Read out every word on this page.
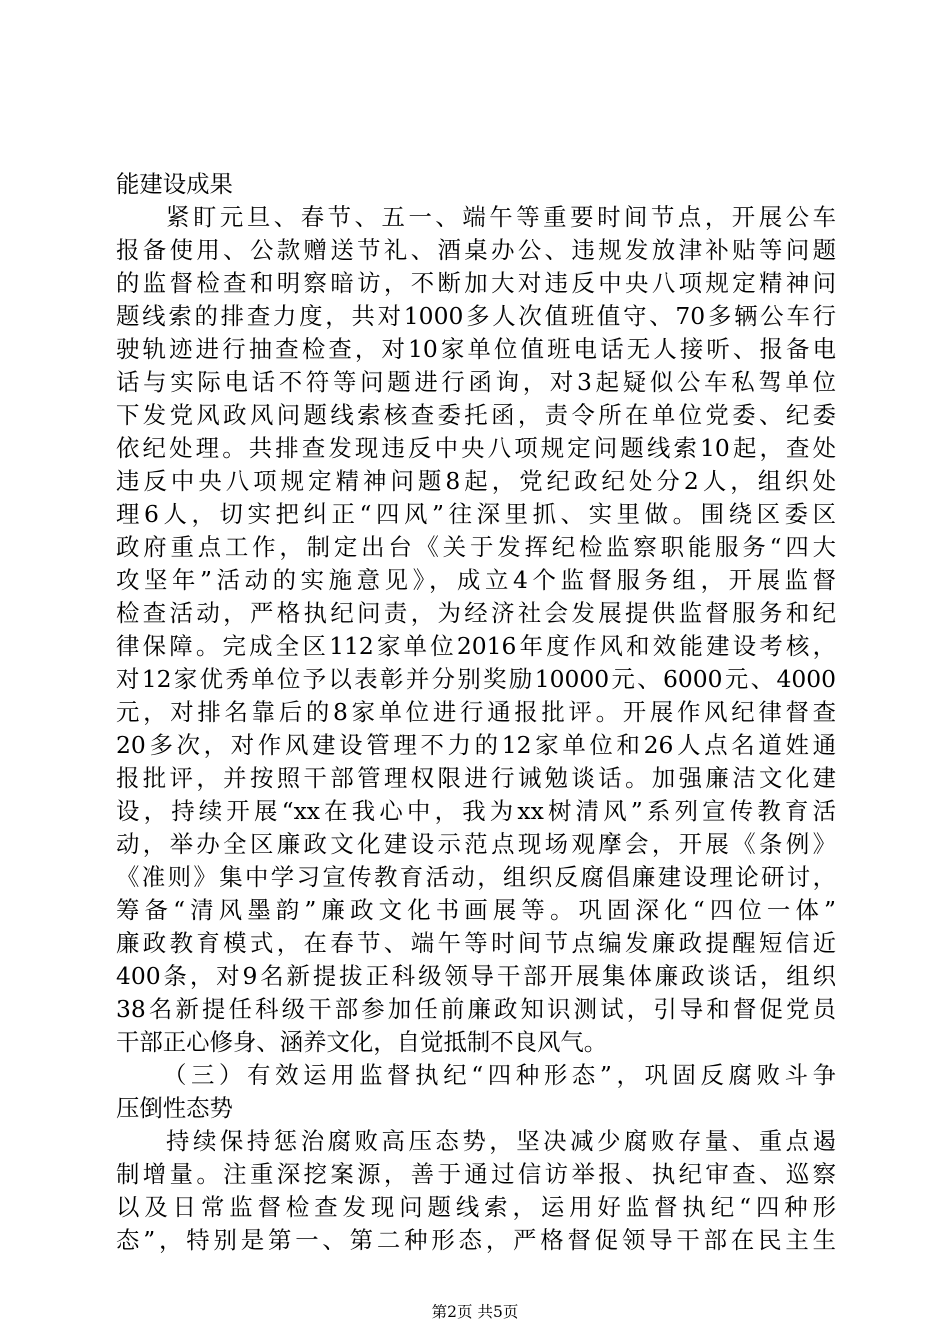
能建设成果
紧盯元旦、春节、五一、端午等重要时间节点，开展公车
报备使用、公款赠送节礼、酒桌办公、违规发放津补贴等问题
的监督检查和明察暗访，不断加大对违反中央八项规定精神问
题线索的排查力度，共对1000多人次值班值守、70多辆公车行
驶轨迹进行抽查检查，对10家单位值班电话无人接听、报备电
话与实际电话不符等问题进行函询，对3起疑似公车私驾单位
下发党风政风问题线索核查委托函，责令所在单位党委、纪委
依纪处理。共排查发现违反中央八项规定问题线索10起，查处
违反中央八项规定精神问题8起，党纪政纪处分2人，组织处
理6人，切实把纠正“四风”往深里抓、实里做。围绕区委区
政府重点工作，制定出台《关于发挥纪检监察职能服务“四大
攻坚年”活动的实施意见》，成立4个监督服务组，开展监督
检查活动，严格执纪问责，为经济社会发展提供监督服务和纪
律保障。完成全区112家单位2016年度作风和效能建设考核，
对12家优秀单位予以表彰并分别奖励10000元、6000元、4000
元，对排名靠后的8家单位进行通报批评。开展作风纪律督查
20多次，对作风建设管理不力的12家单位和26人点名道姓通
报批评，并按照干部管理权限进行诫勉谈话。加强廉洁文化建
设，持续开展“xx在我心中，我为xx树清风”系列宣传教育活
动，举办全区廉政文化建设示范点现场观摩会，开展《条例》
《准则》集中学习宣传教育活动，组织反腐倡廉建设理论研讨，
筹备“清风墨韵”廉政文化书画展等。巩固深化“四位一体”
廉政教育模式，在春节、端午等时间节点编发廉政提醒短信近
400条，对9名新提拔正科级领导干部开展集体廉政谈话，组织
38名新提任科级干部参加任前廉政知识测试，引导和督促党员
干部正心修身、涵养文化，自觉抵制不良风气。
（三）有效运用监督执纪“四种形态”，巩固反腐败斗争
压倒性态势
持续保持惩治腐败高压态势，坚决减少腐败存量、重点遏
制增量。注重深挖案源，善于通过信访举报、执纪审查、巡察
以及日常监督检查发现问题线索，运用好监督执纪“四种形
态”，特别是第一、第二种形态，严格督促领导干部在民主生
第2页 共5页
